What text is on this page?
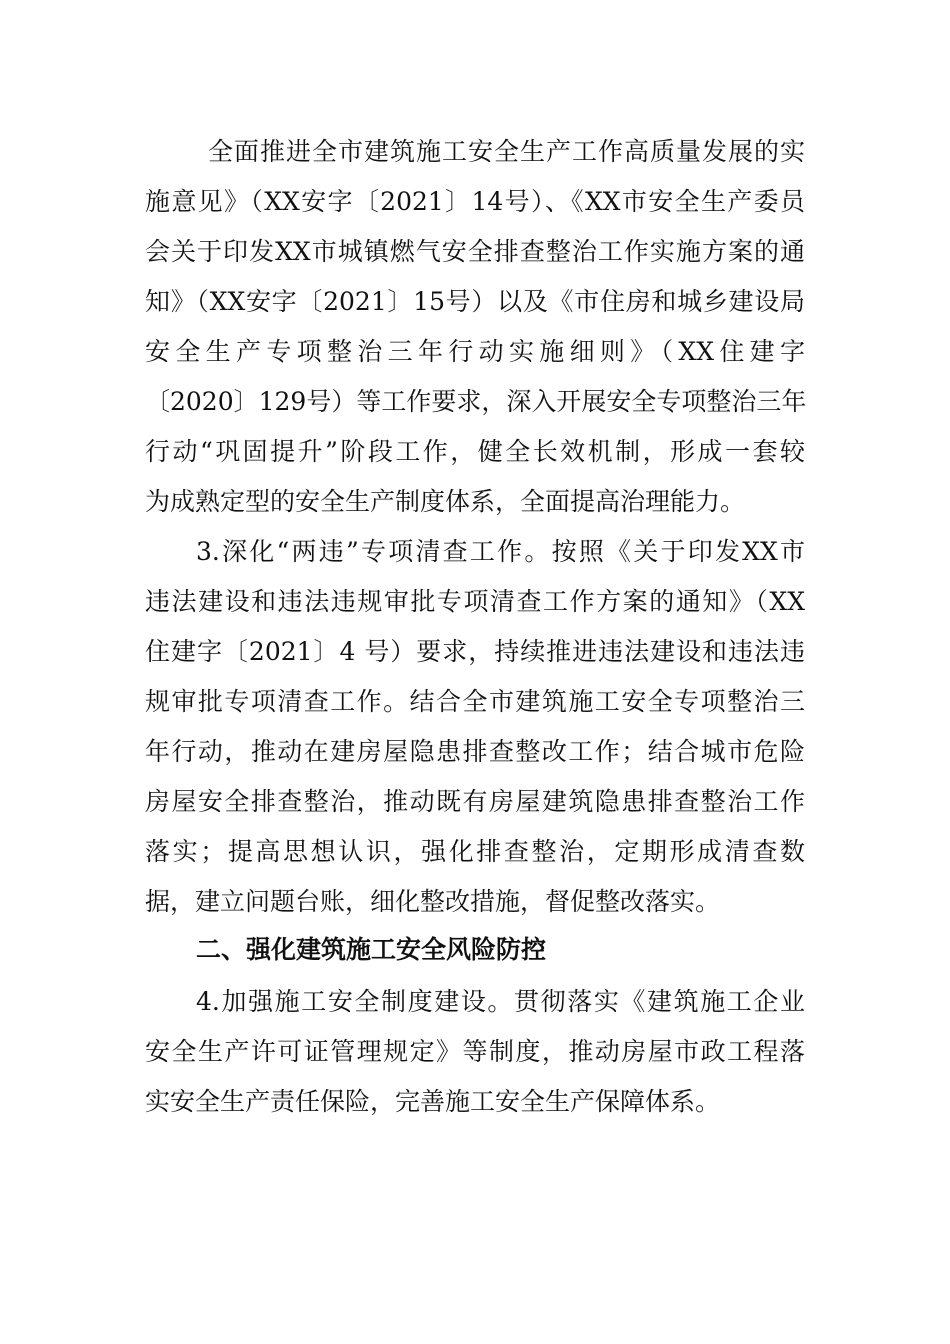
全面推进全市建筑施工安全生产工作高质量发展的实
施意见》（XX安字〔2021〕14号）、《XX市安全生产委员
会关于印发XX市城镇燃气安全排查整治工作实施方案的通
知》（XX安字〔2021〕15号）以及《市住房和城乡建设局
安全生产专项整治三年行动实施细则》（XX住建字
〔2020〕129号）等工作要求，深入开展安全专项整治三年
行动“巩固提升”阶段工作，健全长效机制，形成一套较
为成熟定型的安全生产制度体系，全面提高治理能力。
3.深化“两违”专项清查工作。按照《关于印发XX市
违法建设和违法违规审批专项清查工作方案的通知》（XX
住建字〔2021〕4 号）要求，持续推进违法建设和违法违
规审批专项清查工作。结合全市建筑施工安全专项整治三
年行动，推动在建房屋隐患排查整改工作；结合城市危险
房屋安全排查整治，推动既有房屋建筑隐患排查整治工作
落实；提高思想认识，强化排查整治，定期形成清查数
据，建立问题台账，细化整改措施，督促整改落实。
二、强化建筑施工安全风险防控
4.加强施工安全制度建设。贯彻落实《建筑施工企业
安全生产许可证管理规定》等制度，推动房屋市政工程落
实安全生产责任保险，完善施工安全生产保障体系。
